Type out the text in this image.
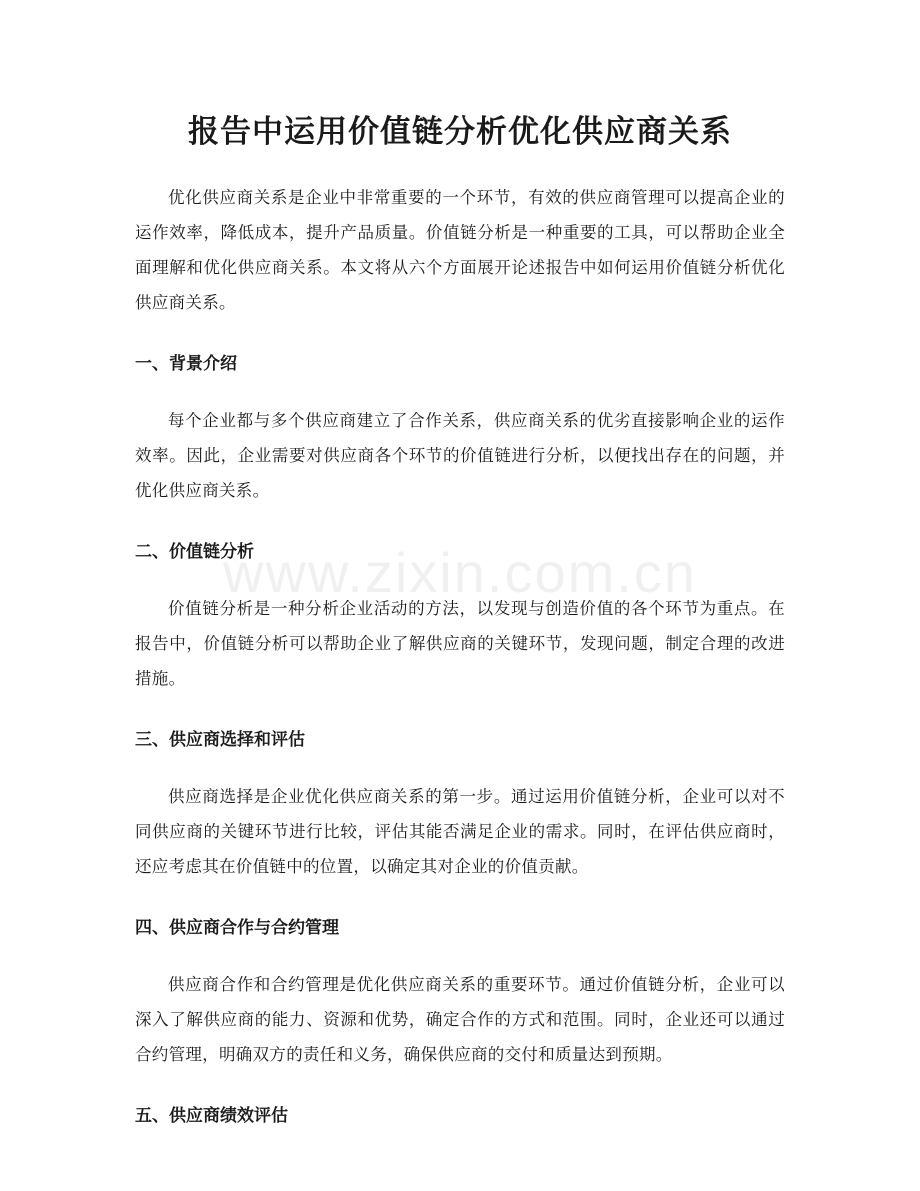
报告中运用价值链分析优化供应商关系

优化供应商关系是企业中非常重要的一个环节，有效的供应商管理可以提高企业的运作效率，降低成本，提升产品质量。价值链分析是一种重要的工具，可以帮助企业全面理解和优化供应商关系。本文将从六个方面展开论述报告中如何运用价值链分析优化供应商关系。

一、背景介绍

每个企业都与多个供应商建立了合作关系，供应商关系的优劣直接影响企业的运作效率。因此，企业需要对供应商各个环节的价值链进行分析，以便找出存在的问题，并优化供应商关系。

二、价值链分析

价值链分析是一种分析企业活动的方法，以发现与创造价值的各个环节为重点。在报告中，价值链分析可以帮助企业了解供应商的关键环节，发现问题，制定合理的改进措施。

三、供应商选择和评估

供应商选择是企业优化供应商关系的第一步。通过运用价值链分析，企业可以对不同供应商的关键环节进行比较，评估其能否满足企业的需求。同时，在评估供应商时，还应考虑其在价值链中的位置，以确定其对企业的价值贡献。

四、供应商合作与合约管理

供应商合作和合约管理是优化供应商关系的重要环节。通过价值链分析，企业可以深入了解供应商的能力、资源和优势，确定合作的方式和范围。同时，企业还可以通过合约管理，明确双方的责任和义务，确保供应商的交付和质量达到预期。

五、供应商绩效评估
www.zixin.com.cn
